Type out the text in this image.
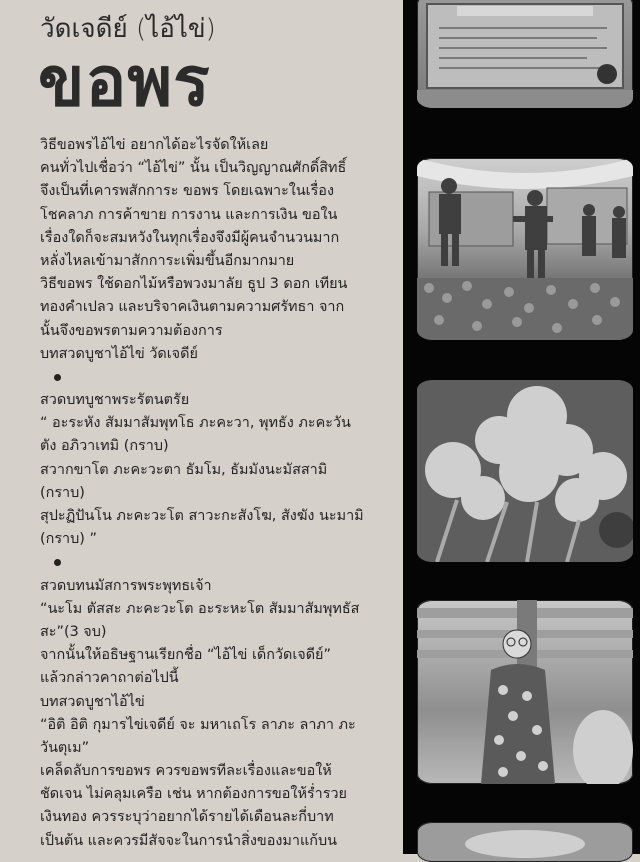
วัดเจดีย์ (ไอ้ไข่)
ขอพร
วิธีขอพรไอ้ไข่ อยากได้อะไรจัดให้เลย
คนทั่วไปเชื่อว่า “ไอ้ไข่” นั้น เป็นวิญญาณศักดิ์สิทธิ์
จึงเป็นที่เคารพสักการะ ขอพร โดยเฉพาะในเรื่อง
โชคลาภ การค้าขาย การงาน และการเงิน ขอใน
เรื่องใดก็จะสมหวังในทุกเรื่องจึงมีผู้คนจำนวนมาก
หลั่งไหลเข้ามาสักการะเพิ่มขึ้นอีกมากมาย
วิธีขอพร ใช้ดอกไม้หรือพวงมาลัย ธูป 3 ดอก เทียน
ทองคำเปลว และบริจาคเงินตามความศรัทธา จาก
นั้นจึงขอพรตามความต้องการ
บทสวดบูชาไอ้ไข่ วัดเจดีย์
สวดบทบูชาพระรัตนตรัย
“ อะระหัง สัมมาสัมพุทโธ ภะคะวา, พุทธัง ภะคะวัน
ตัง อภิวาเทมิ (กราบ)
สวากขาโต ภะคะวะตา ธัมโม, ธัมมังนะมัสสามิ
(กราบ)
สุปะฏิปันโน ภะคะวะโต สาวะกะสังโฆ, สังฆัง นะมามิ
(กราบ) ”
สวดบทนมัสการพระพุทธเจ้า
“นะโม ตัสสะ ภะคะวะโต อะระหะโต สัมมาสัมพุทธัส
สะ”(3 จบ)
จากนั้นให้อธิษฐานเรียกชื่อ “ไอ้ไข่ เด็กวัดเจดีย์”
แล้วกล่าวคาถาต่อไปนี้
บทสวดบูชาไอ้ไข่
“อิติ อิติ กุมารไข่เจดีย์ จะ มหาเถโร ลาภะ ลาภา ภะ
วันตุเม”
เคล็ดลับการขอพร ควรขอพรทีละเรื่องและขอให้
ชัดเจน ไม่คลุมเครือ เช่น หากต้องการขอให้ร่ำรวย
เงินทอง ควรระบุว่าอยากได้รายได้เดือนละกี่บาท
เป็นต้น และควรมีสัจจะในการนำสิ่งของมาแก้บน
